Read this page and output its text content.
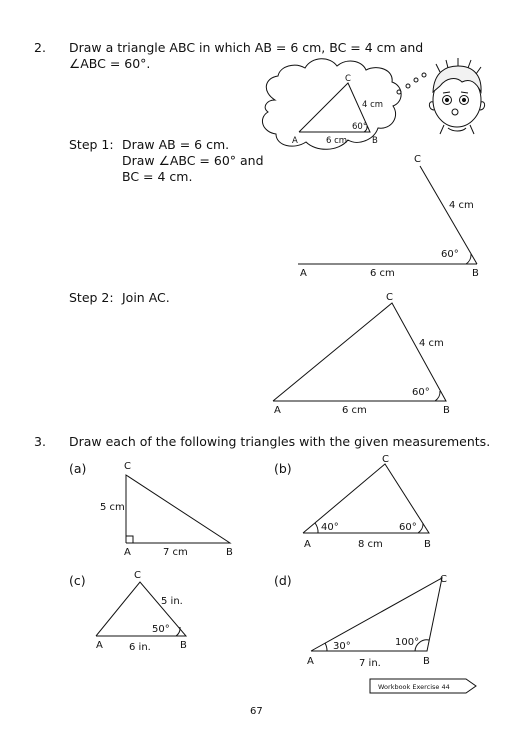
2. Draw a triangle ABC in which AB = 6 cm, BC = 4 cm and
∠ABC = 60°.
Step 1: Draw AB = 6 cm.
Draw ∠ABC = 60° and
BC = 4 cm.
Step 2: Join AC.
3. Draw each of the following triangles with the given measurements.
(a)	(b)
(c)	(d)
C
A	B
6 cm
4 cm
60°
C
A	B
6 cm
4 cm
60°
C
A	B
6 cm
4 cm
60°
C
A	B
5 cm
7 cm
C
A	B
40°	60°
8 cm
C
A	B
5 in.
50°
6 in.
C
A	B
30°	100°
7 in.
Workbook Exercise 44
67
